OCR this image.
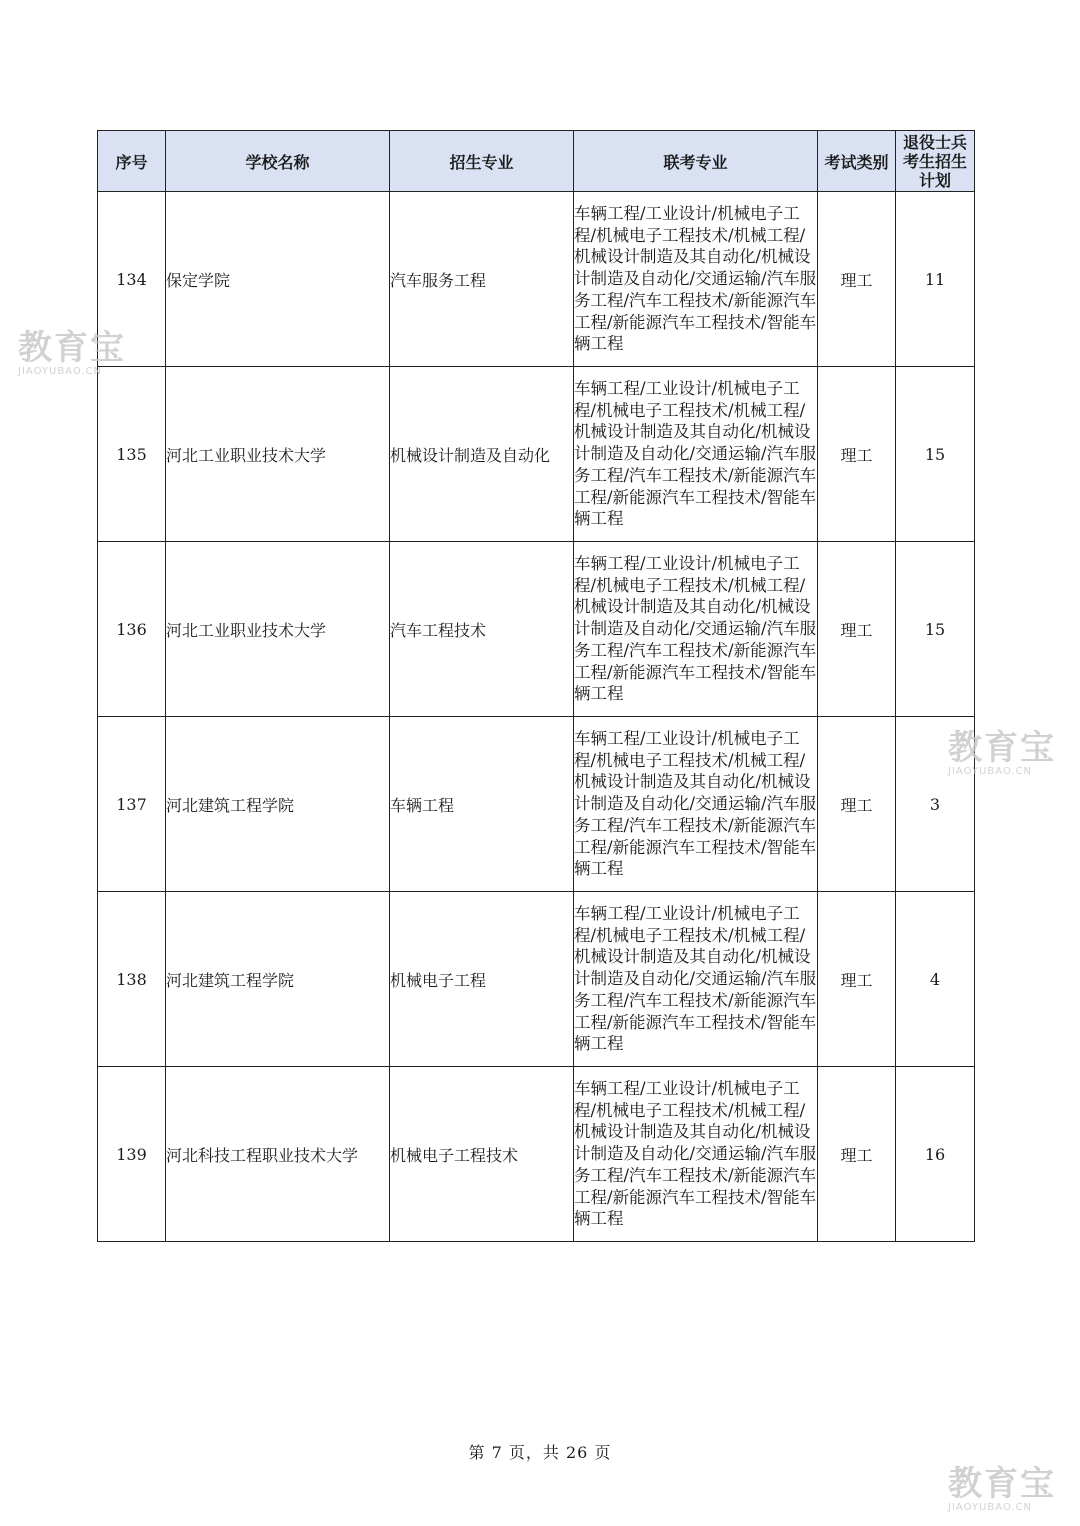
序号	学校名称	招生专业	联考专业	考试类别	退役士兵
考生招生
计划

134	保定学院	汽车服务工程	车辆工程/工业设计/机械电子工程/机械电子工程技术/机械工程/机械设计制造及其自动化/机械设计制造及自动化/交通运输/汽车服务工程/汽车工程技术/新能源汽车工程/新能源汽车工程技术/智能车辆工程	理工	11
135	河北工业职业技术大学	机械设计制造及自动化	车辆工程/工业设计/机械电子工程/机械电子工程技术/机械工程/机械设计制造及其自动化/机械设计制造及自动化/交通运输/汽车服务工程/汽车工程技术/新能源汽车工程/新能源汽车工程技术/智能车辆工程	理工	15
136	河北工业职业技术大学	汽车工程技术	车辆工程/工业设计/机械电子工程/机械电子工程技术/机械工程/机械设计制造及其自动化/机械设计制造及自动化/交通运输/汽车服务工程/汽车工程技术/新能源汽车工程/新能源汽车工程技术/智能车辆工程	理工	15
137	河北建筑工程学院	车辆工程	车辆工程/工业设计/机械电子工程/机械电子工程技术/机械工程/机械设计制造及其自动化/机械设计制造及自动化/交通运输/汽车服务工程/汽车工程技术/新能源汽车工程/新能源汽车工程技术/智能车辆工程	理工	3
138	河北建筑工程学院	机械电子工程	车辆工程/工业设计/机械电子工程/机械电子工程技术/机械工程/机械设计制造及其自动化/机械设计制造及自动化/交通运输/汽车服务工程/汽车工程技术/新能源汽车工程/新能源汽车工程技术/智能车辆工程	理工	4
139	河北科技工程职业技术大学	机械电子工程技术	车辆工程/工业设计/机械电子工程/机械电子工程技术/机械工程/机械设计制造及其自动化/机械设计制造及自动化/交通运输/汽车服务工程/汽车工程技术/新能源汽车工程/新能源汽车工程技术/智能车辆工程	理工	16
第 7 页，共 26 页
教育宝
JIAOYUBAO.CN
教育宝
JIAOYUBAO.CN
教育宝
JIAOYUBAO.CN
